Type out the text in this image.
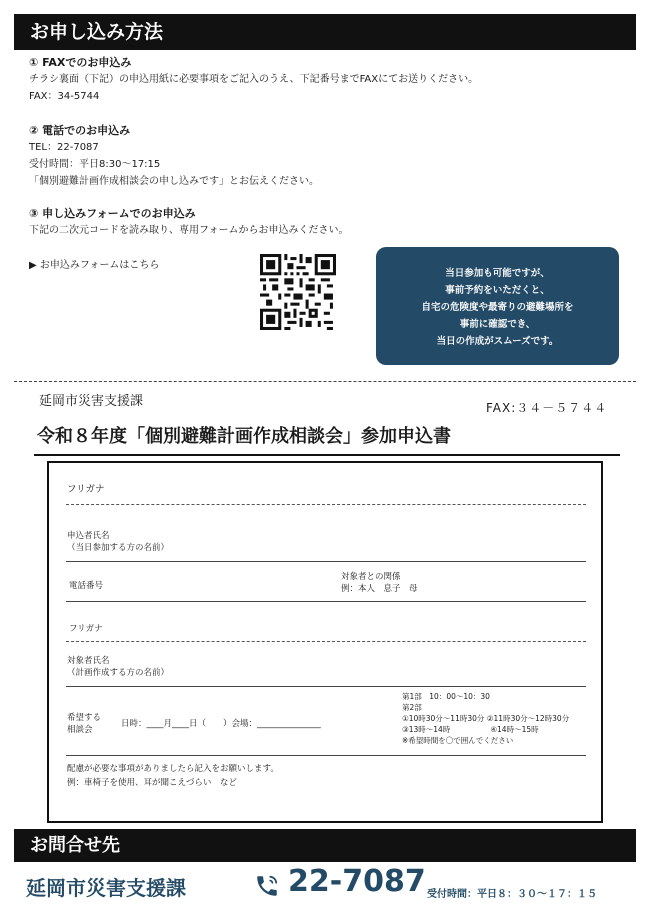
お申し込み方法
① FAXでのお申込み
チラシ裏面（下記）の申込用紙に必要事項をご記入のうえ、下記番号までFAXにてお送りください。
FAX：34-5744
② 電話でのお申込み
TEL：22-7087
受付時間：平日8:30～17:15
「個別避難計画作成相談会の申し込みです」とお伝えください。
③ 申し込みフォームでのお申込み
下記の二次元コードを読み取り、専用フォームからお申込みください。
▶ お申込みフォームはこちら
当日参加も可能ですが、
事前予約をいただくと、
自宅の危険度や最寄りの避難場所を
事前に確認でき、
当日の作成がスムーズです。
延岡市災害支援課	FAX:３４－５７４４
令和８年度「個別避難計画作成相談会」参加申込書
フリガナ
申込者氏名
（当日参加する方の名前）
電話番号
対象者との関係
例：本人　息子　母
フリガナ
対象者氏名
（計画作成する方の名前）
希望する
相談会
日時：____月____日（　　）会場：_______________
第1部　10：00～10：30
第2部
①10時30分～11時30分 ②11時30分～12時30分
③13時～14時	④14時～15時
※希望時間を〇で囲んでください
配慮が必要な事項がありましたら記入をお願いします。
例：車椅子を使用、耳が聞こえづらい　など
お問合せ先
延岡市災害支援課	22-7087 受付時間：平日８：３０～１７：１５
